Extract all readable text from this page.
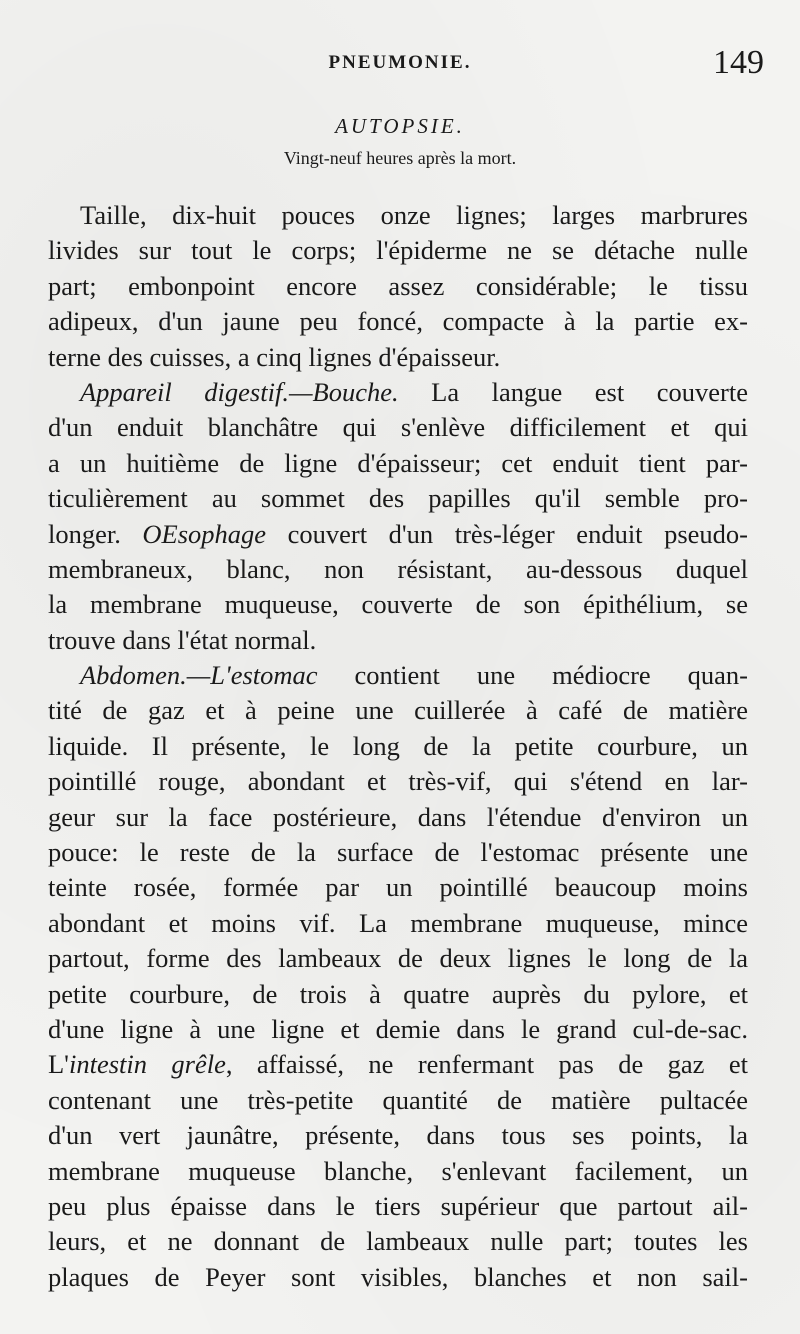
PNEUMONIE.	149
AUTOPSIE.
Vingt-neuf heures après la mort.
Taille, dix-huit pouces onze lignes; larges marbrures
livides sur tout le corps; l'épiderme ne se détache nulle
part; embonpoint encore assez considérable; le tissu
adipeux, d'un jaune peu foncé, compacte à la partie ex-
terne des cuisses, a cinq lignes d'épaisseur.
Appareil digestif.—Bouche. La langue est couverte
d'un enduit blanchâtre qui s'enlève difficilement et qui
a un huitième de ligne d'épaisseur; cet enduit tient par-
ticulièrement au sommet des papilles qu'il semble pro-
longer. OEsophage couvert d'un très-léger enduit pseudo-
membraneux, blanc, non résistant, au-dessous duquel
la membrane muqueuse, couverte de son épithélium, se
trouve dans l'état normal.
Abdomen.—L'estomac contient une médiocre quan-
tité de gaz et à peine une cuillerée à café de matière
liquide. Il présente, le long de la petite courbure, un
pointillé rouge, abondant et très-vif, qui s'étend en lar-
geur sur la face postérieure, dans l'étendue d'environ un
pouce: le reste de la surface de l'estomac présente une
teinte rosée, formée par un pointillé beaucoup moins
abondant et moins vif. La membrane muqueuse, mince
partout, forme des lambeaux de deux lignes le long de la
petite courbure, de trois à quatre auprès du pylore, et
d'une ligne à une ligne et demie dans le grand cul-de-sac.
L'intestin grêle, affaissé, ne renfermant pas de gaz et
contenant une très-petite quantité de matière pultacée
d'un vert jaunâtre, présente, dans tous ses points, la
membrane muqueuse blanche, s'enlevant facilement, un
peu plus épaisse dans le tiers supérieur que partout ail-
leurs, et ne donnant de lambeaux nulle part; toutes les
plaques de Peyer sont visibles, blanches et non sail-
